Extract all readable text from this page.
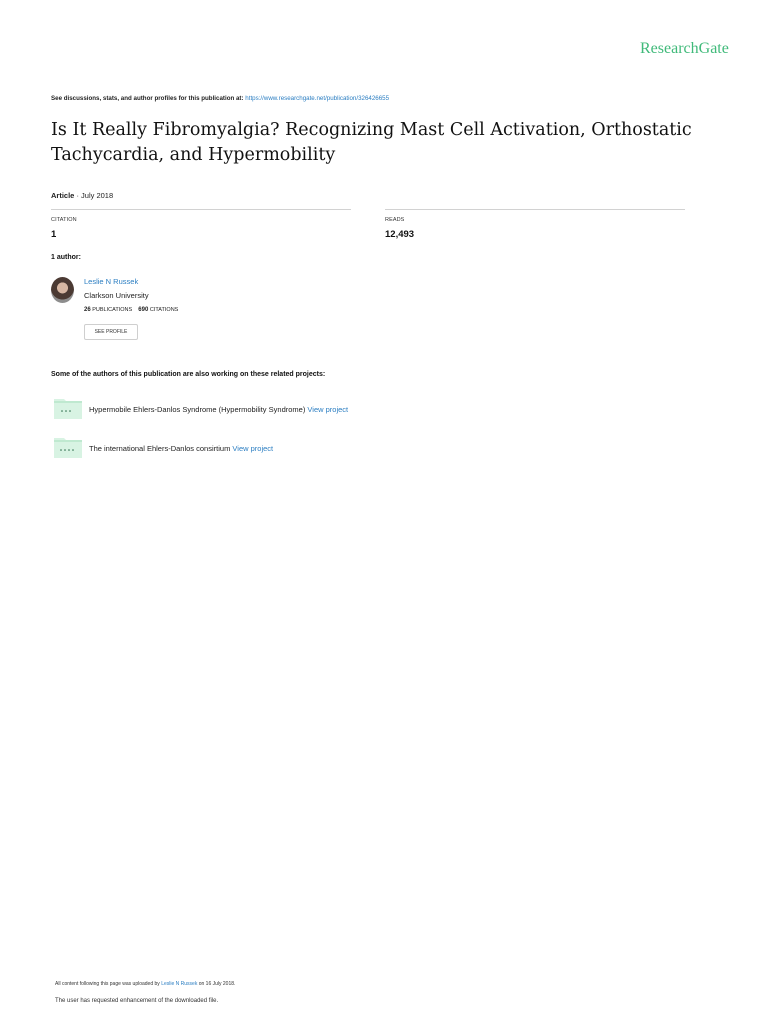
ResearchGate
See discussions, stats, and author profiles for this publication at: https://www.researchgate.net/publication/326426655
Is It Really Fibromyalgia? Recognizing Mast Cell Activation, Orthostatic Tachycardia, and Hypermobility
Article · July 2018
CITATION
1
READS
12,493
1 author:
Leslie N Russek
Clarkson University
26 PUBLICATIONS 690 CITATIONS
SEE PROFILE
Some of the authors of this publication are also working on these related projects:
Hypermobile Ehlers-Danlos Syndrome (Hypermobility Syndrome) View project
The international Ehlers-Danlos consirtium View project
All content following this page was uploaded by Leslie N Russek on 16 July 2018.
The user has requested enhancement of the downloaded file.
